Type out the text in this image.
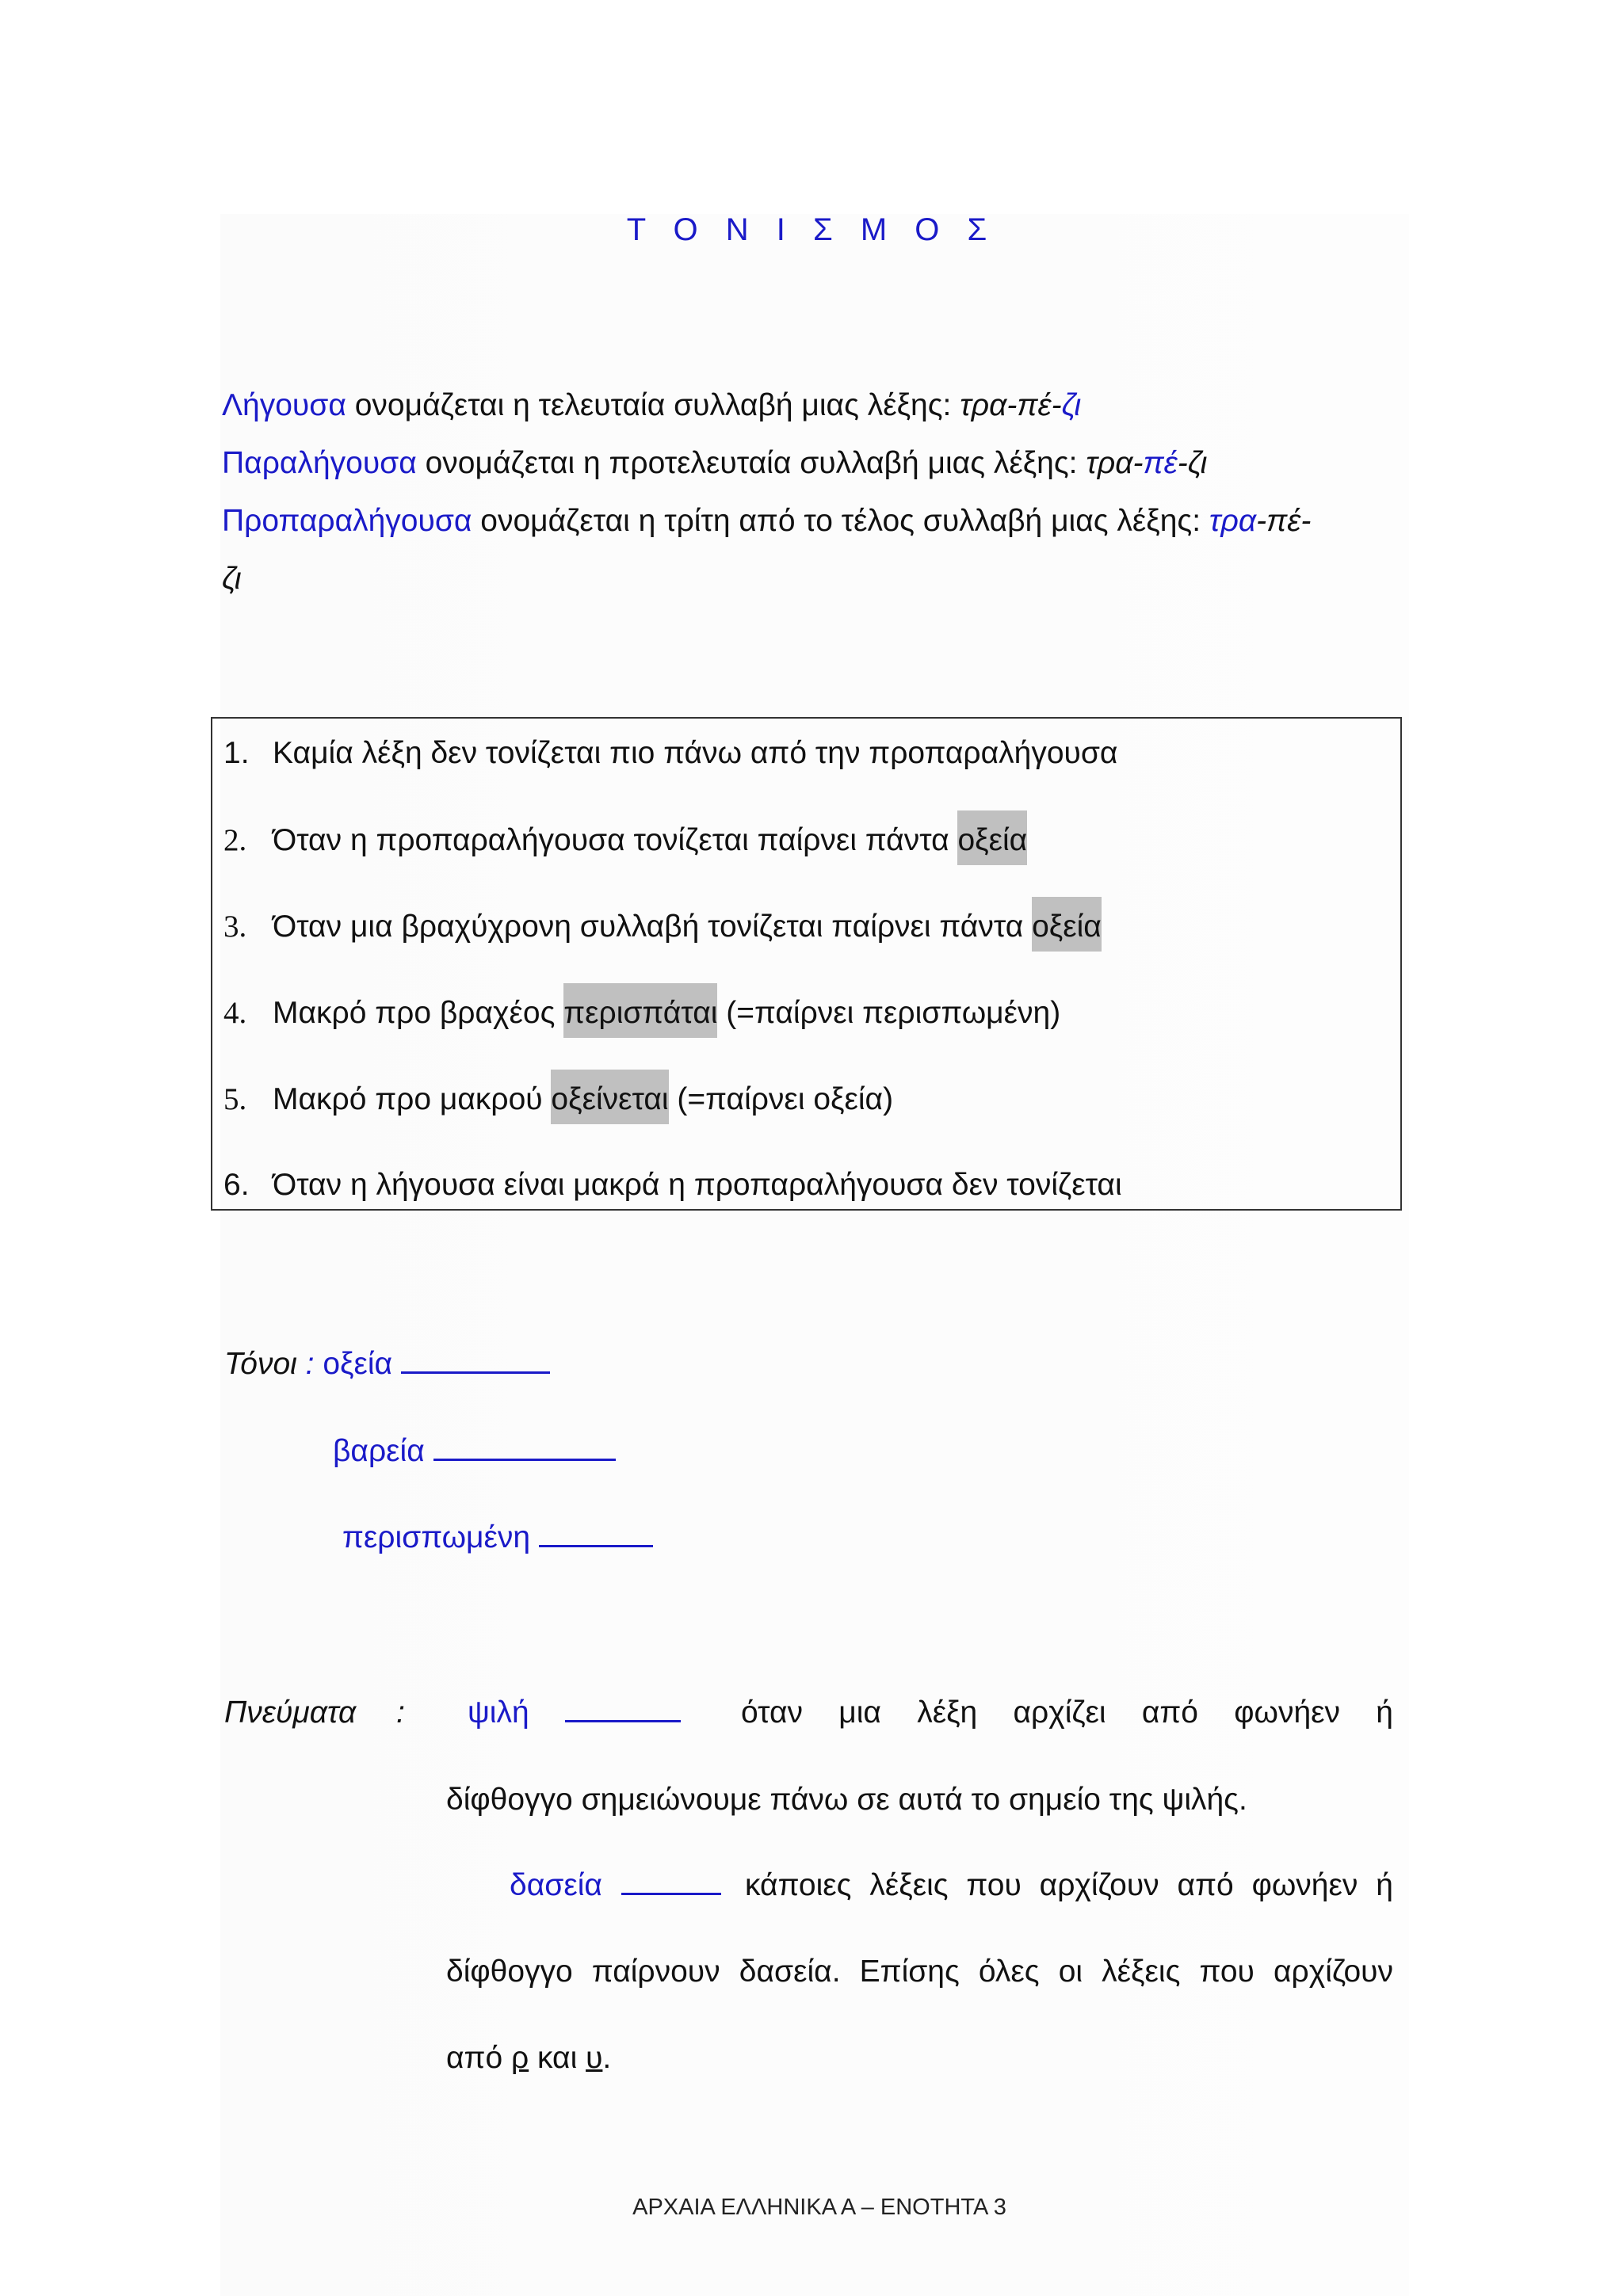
Τ Ο Ν Ι Σ Μ Ο Σ
Λήγουσα ονομάζεται η τελευταία συλλαβή μιας λέξης: τρα-πέ-ζι
Παραλήγουσα ονομάζεται η προτελευταία συλλαβή μιας λέξης: τρα-πέ-ζι
Προπαραλήγουσα ονομάζεται η τρίτη από το τέλος συλλαβή μιας λέξης: τρα-πέ-
ζι
1. Καμία λέξη δεν τονίζεται πιο πάνω από την προπαραλήγουσα
2. Όταν η προπαραλήγουσα τονίζεται παίρνει πάντα οξεία
3. Όταν μια βραχύχρονη συλλαβή τονίζεται παίρνει πάντα οξεία
4. Μακρό προ βραχέος περισπάται (=παίρνει περισπωμένη)
5. Μακρό προ μακρού οξείνεται (=παίρνει οξεία)
6. Όταν η λήγουσα είναι μακρά η προπαραλήγουσα δεν τονίζεται
Τόνοι : οξεία
βαρεία
περισπωμένη
Πνεύματα : ψιλή	όταν μια λέξη αρχίζει από φωνήεν ή
δίφθογγο σημειώνουμε πάνω σε αυτά το σημείο της ψιλής.
δασεία	κάποιες λέξεις που αρχίζουν από φωνήεν ή
δίφθογγο παίρνουν δασεία. Επίσης όλες οι λέξεις που αρχίζουν
από ρ και υ.
ΑΡΧΑΙΑ ΕΛΛΗΝΙΚΑ Α – ΕΝΟΤΗΤΑ 3
